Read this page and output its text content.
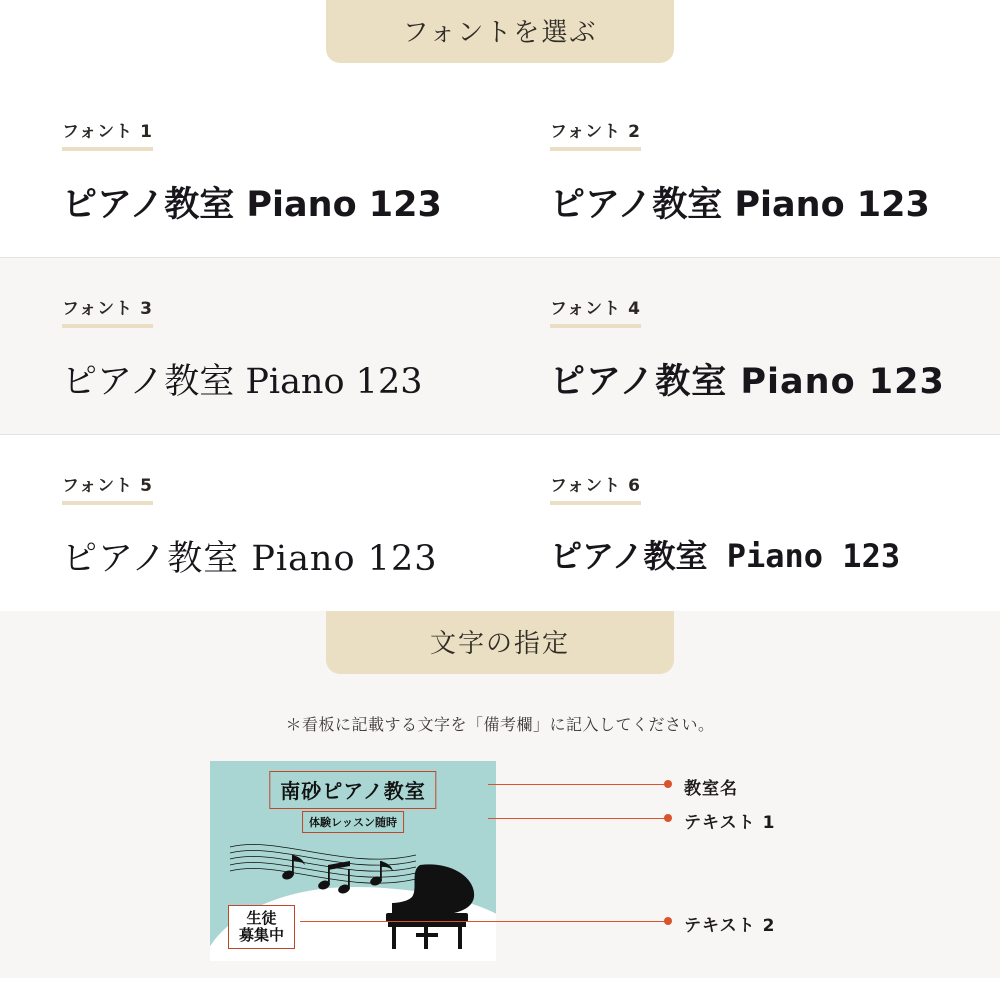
フォントを選ぶ
フォント 1
ピアノ教室 Piano 123
フォント 2
ピアノ教室 Piano 123
フォント 3
ピアノ教室 Piano 123
フォント 4
ピアノ教室 Piano 123
フォント 5
ピアノ教室 Piano 123
フォント 6
ピアノ教室 Piano 123
文字の指定
＊看板に記載する文字を「備考欄」に記入してください。
南砂ピアノ教室
体験レッスン随時
生徒
募集中
教室名
テキスト 1
テキスト 2
